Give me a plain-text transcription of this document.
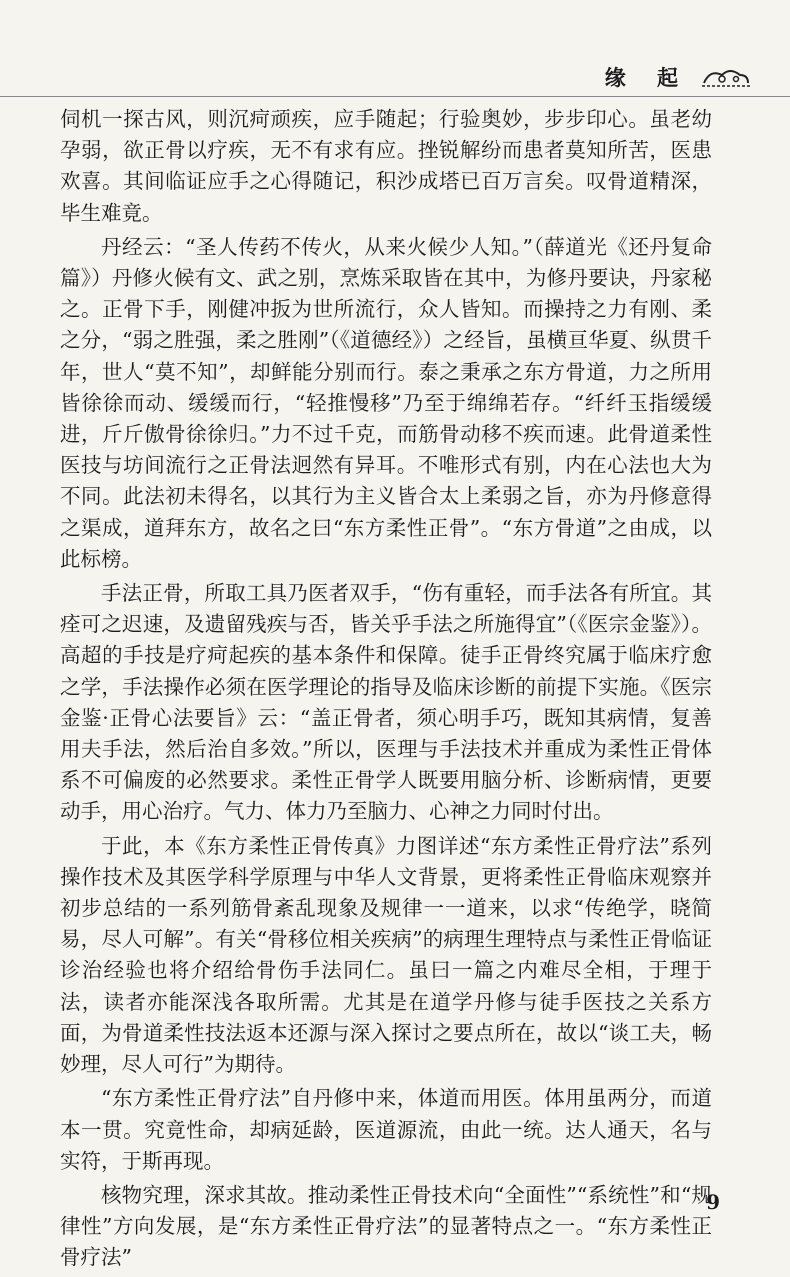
缘 起

伺机一探古风，则沉疴顽疾，应手随起；行验奥妙，步步印心。虽老幼孕弱，欲正骨以疗疾，无不有求有应。挫锐解纷而患者莫知所苦，医患欢喜。其间临证应手之心得随记，积沙成塔已百万言矣。叹骨道精深，毕生难竟。

丹经云：“圣人传药不传火，从来火候少人知。”（薛道光《还丹复命篇》）丹修火候有文、武之别，烹炼采取皆在其中，为修丹要诀，丹家秘之。正骨下手，刚健冲扳为世所流行，众人皆知。而操持之力有刚、柔之分，“弱之胜强，柔之胜刚”（《道德经》）之经旨，虽横亘华夏、纵贯千年，世人“莫不知”，却鲜能分别而行。泰之秉承之东方骨道，力之所用皆徐徐而动、缓缓而行，“轻推慢移”乃至于绵绵若存。“纤纤玉指缓缓进，斤斤傲骨徐徐归。”力不过千克，而筋骨动移不疾而速。此骨道柔性医技与坊间流行之正骨法迥然有异耳。不唯形式有别，内在心法也大为不同。此法初未得名，以其行为主义皆合太上柔弱之旨，亦为丹修意得之渠成，道拜东方，故名之曰“东方柔性正骨”。“东方骨道”之由成，以此标榜。

手法正骨，所取工具乃医者双手，“伤有重轻，而手法各有所宜。其痊可之迟速，及遗留残疾与否，皆关乎手法之所施得宜”（《医宗金鉴》）。高超的手技是疗疴起疾的基本条件和保障。徒手正骨终究属于临床疗愈之学，手法操作必须在医学理论的指导及临床诊断的前提下实施。《医宗金鉴·正骨心法要旨》云：“盖正骨者，须心明手巧，既知其病情，复善用夫手法，然后治自多效。”所以，医理与手法技术并重成为柔性正骨体系不可偏废的必然要求。柔性正骨学人既要用脑分析、诊断病情，更要动手，用心治疗。气力、体力乃至脑力、心神之力同时付出。

于此，本《东方柔性正骨传真》力图详述“东方柔性正骨疗法”系列操作技术及其医学科学原理与中华人文背景，更将柔性正骨临床观察并初步总结的一系列筋骨紊乱现象及规律一一道来，以求“传绝学，晓简易，尽人可解”。有关“骨移位相关疾病”的病理生理特点与柔性正骨临证诊治经验也将介绍给骨伤手法同仁。虽曰一篇之内难尽全相，于理于法，读者亦能深浅各取所需。尤其是在道学丹修与徒手医技之关系方面，为骨道柔性技法返本还源与深入探讨之要点所在，故以“谈工夫，畅妙理，尽人可行”为期待。

“东方柔性正骨疗法”自丹修中来，体道而用医。体用虽两分，而道本一贯。究竟性命，却病延龄，医道源流，由此一统。达人通天，名与实符，于斯再现。

核物究理，深求其故。推动柔性正骨技术向“全面性”“系统性”和“规律性”方向发展，是“东方柔性正骨疗法”的显著特点之一。“东方柔性正骨疗法”

9
